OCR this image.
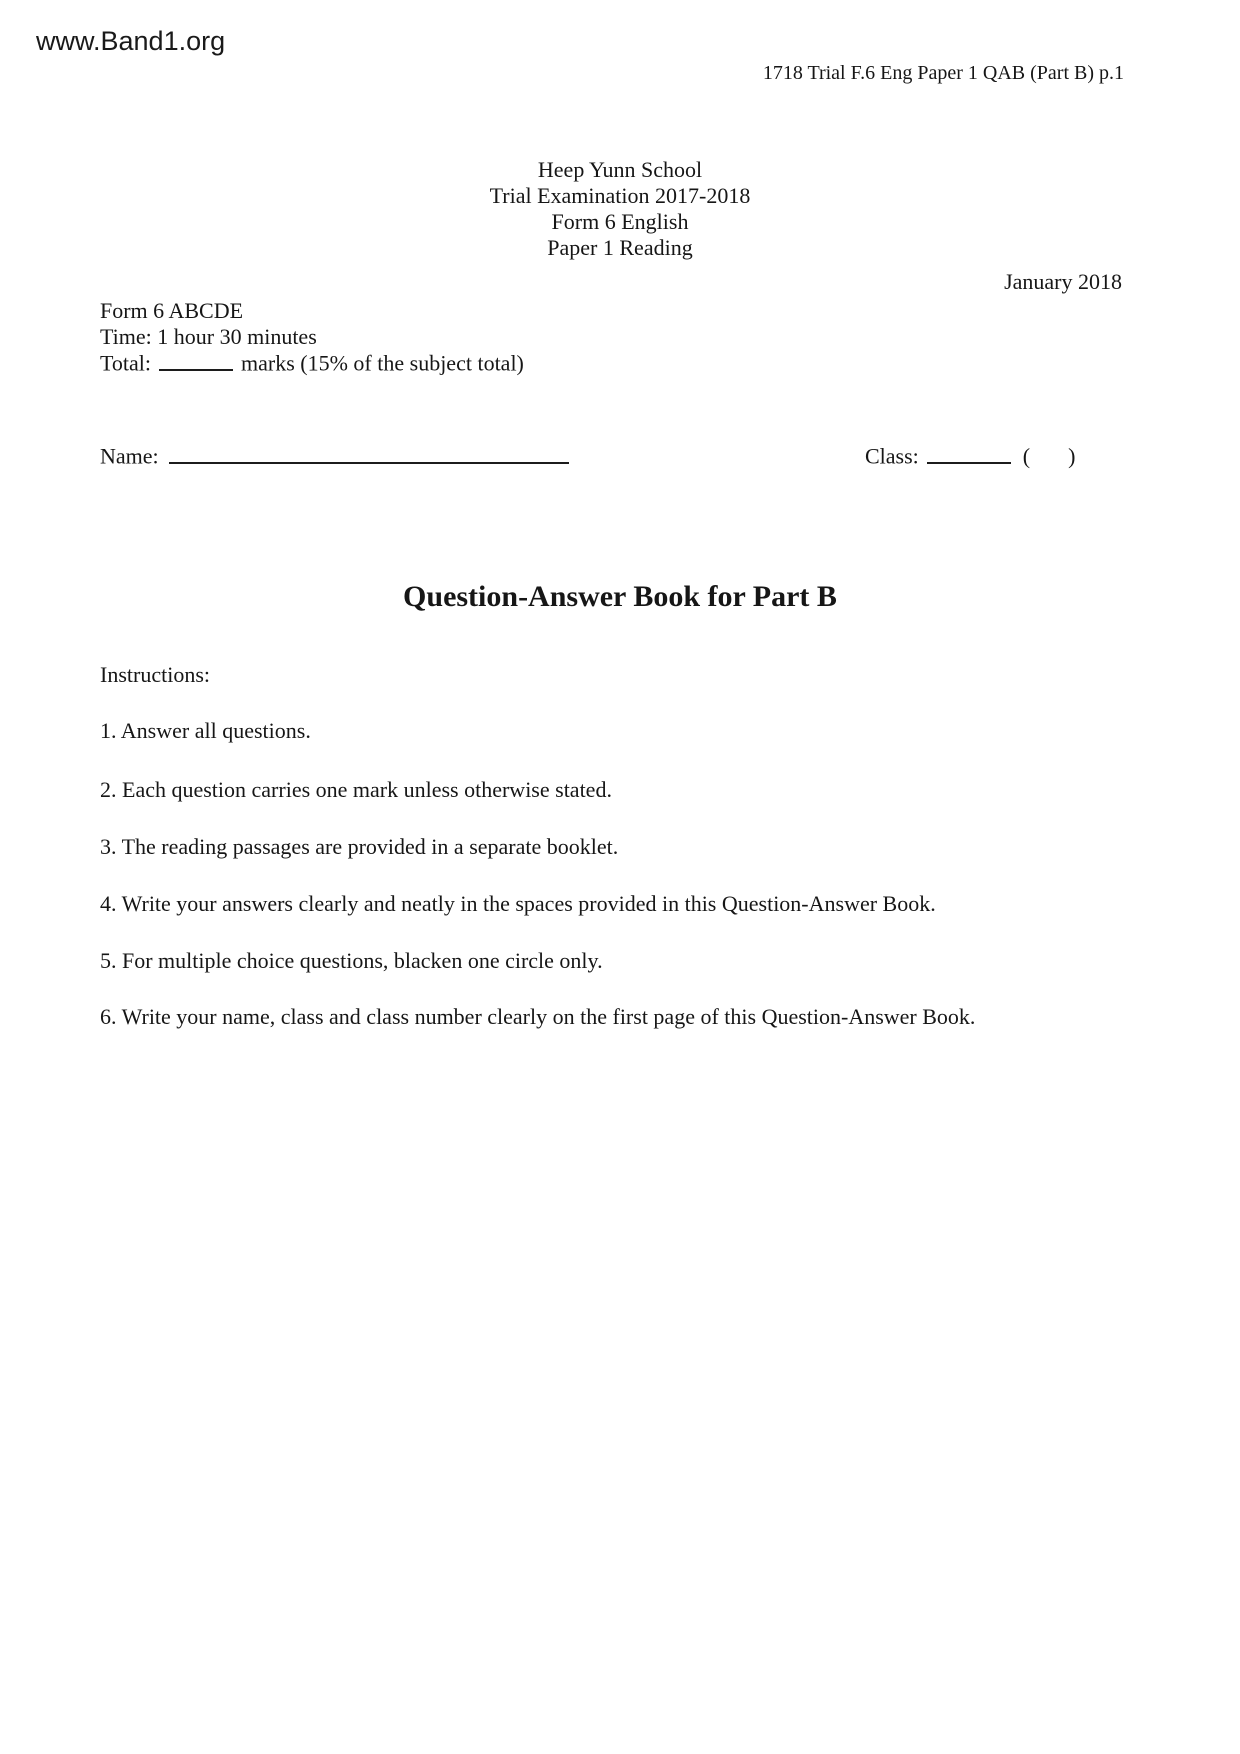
www.Band1.org
1718 Trial F.6 Eng Paper 1 QAB (Part B) p.1
Heep Yunn School
Trial Examination 2017-2018
Form 6 English
Paper 1 Reading
January 2018
Form 6 ABCDE
Time: 1 hour 30 minutes
Total:	marks (15% of the subject total)
Name:	Class:	( )
Question-Answer Book for Part B
Instructions:
1. Answer all questions.
2. Each question carries one mark unless otherwise stated.
3. The reading passages are provided in a separate booklet.
4. Write your answers clearly and neatly in the spaces provided in this Question-Answer Book.
5. For multiple choice questions, blacken one circle only.
6. Write your name, class and class number clearly on the first page of this Question-Answer Book.
